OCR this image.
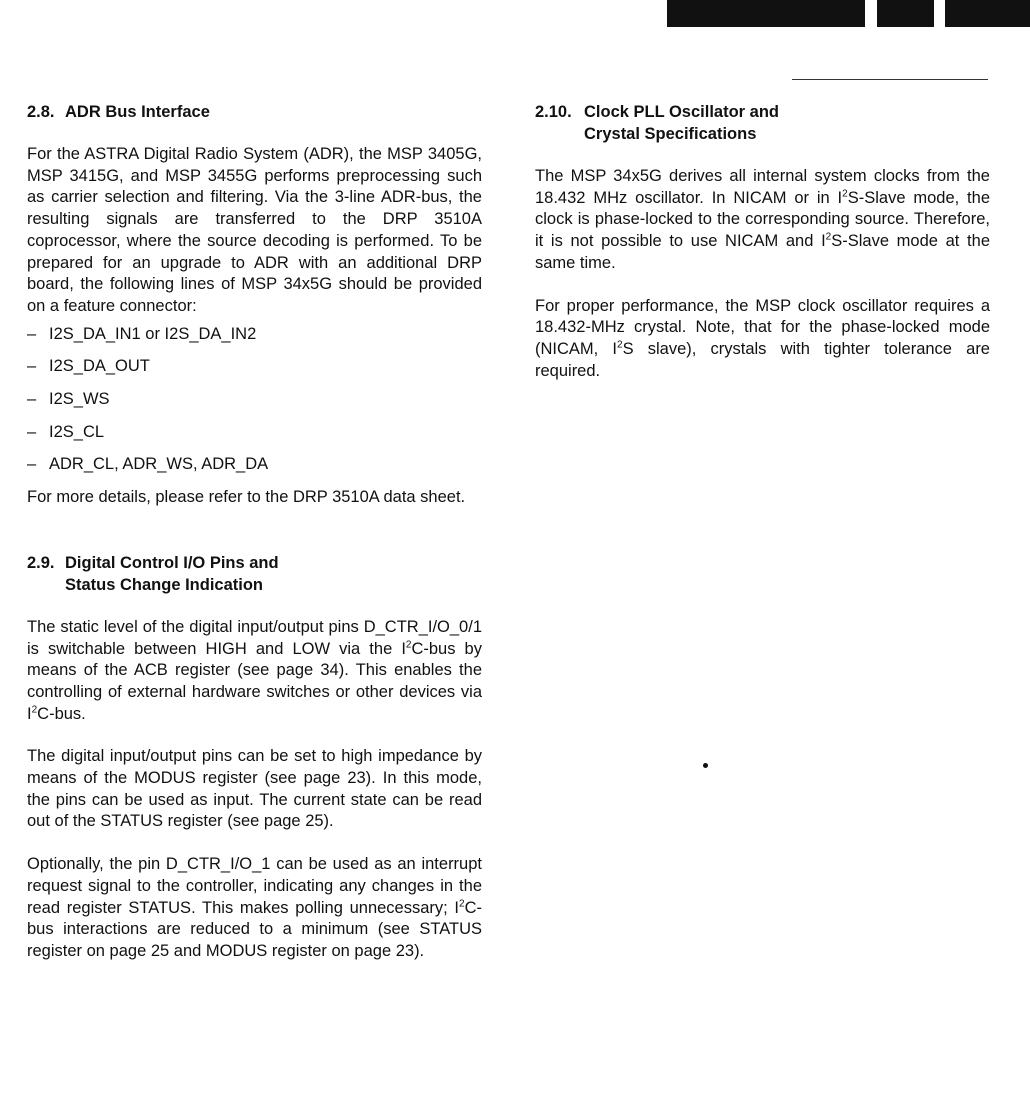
2.8. ADR Bus Interface

For the ASTRA Digital Radio System (ADR), the MSP 3405G, MSP 3415G, and MSP 3455G performs preprocessing such as carrier selection and filtering. Via the 3-line ADR-bus, the resulting signals are transferred to the DRP 3510A coprocessor, where the source decoding is performed. To be prepared for an upgrade to ADR with an additional DRP board, the following lines of MSP 34x5G should be provided on a feature connector:

– I2S_DA_IN1 or I2S_DA_IN2
– I2S_DA_OUT
– I2S_WS
– I2S_CL
– ADR_CL, ADR_WS, ADR_DA

For more details, please refer to the DRP 3510A data sheet.

2.9. Digital Control I/O Pins and
Status Change Indication

The static level of the digital input/output pins D_CTR_I/O_0/1 is switchable between HIGH and LOW via the $I^2C$-bus by means of the ACB register (see page 34). This enables the controlling of external hardware switches or other devices via $I^2C$-bus.

The digital input/output pins can be set to high impedance by means of the MODUS register (see page 23). In this mode, the pins can be used as input. The current state can be read out of the STATUS register (see page 25).

Optionally, the pin D_CTR_I/O_1 can be used as an interrupt request signal to the controller, indicating any changes in the read register STATUS. This makes polling unnecessary; $I^2C$-bus interactions are reduced to a minimum (see STATUS register on page 25 and MODUS register on page 23).

2.10. Clock PLL Oscillator and
Crystal Specifications

The MSP 34x5G derives all internal system clocks from the 18.432 MHz oscillator. In NICAM or in $I^2S$-Slave mode, the clock is phase-locked to the corresponding source. Therefore, it is not possible to use NICAM and $I^2S$-Slave mode at the same time.

For proper performance, the MSP clock oscillator requires a 18.432-MHz crystal. Note, that for the phase-locked mode (NICAM, $I^2S$ slave), crystals with tighter tolerance are required.
